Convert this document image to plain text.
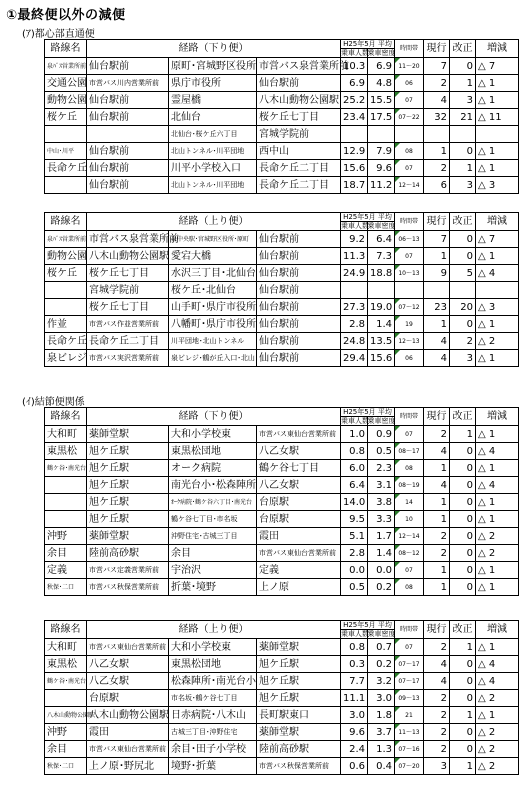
①最終便以外の減便
(ｱ)都心部直通便
(ｲ)結節便関係
路線名	経路（下り便）			H25年5月 平均
乗車人数乗車密度		時間帯	現行	改正	増減
泉ﾊﾞｽ営業所前	仙台駅前	原町･宮城野区役所	市営バス泉営業所前	10.3	6.9	11～20	7	0	△ 7
交通公園	市営バス川内営業所前	県庁市役所	仙台駅前	6.9	4.8	06	2	1	△ 1
動物公園	仙台駅前	霊屋橋	八木山動物公園駅	25.2	15.5	07	4	3	△ 1
桜ケ丘	仙台駅前	北仙台	桜ケ丘七丁目	23.4	17.5	07～22	32	21	△ 11
		北仙台･桜ケ丘六丁目	宮城学院前						
中山･川平	仙台駅前	北山トンネル･川平団地	西中山	12.9	7.9	08	1	0	△ 1
長命ケ丘	仙台駅前	川平小学校入口	長命ケ丘二丁目	15.6	9.6	07	2	1	△ 1
	仙台駅前	北山トンネル･川平団地	長命ケ丘二丁目	18.7	11.2	12～14	6	3	△ 3
路線名	経路（上り便）			H25年5月 平均
乗車人数乗車密度		時間帯	現行	改正	増減
泉ﾊﾞｽ営業所前	市営バス泉営業所前	泉中央駅･宮城野区役所･原町	仙台駅前	9.2	6.4	06～13	7	0	△ 7
動物公園	八木山動物公園駅	愛宕大橋	仙台駅前	11.3	7.3	07	1	0	△ 1
桜ケ丘	桜ケ丘七丁目	水沢三丁目･北仙台	仙台駅前	24.9	18.8	10～13	9	5	△ 4
	宮城学院前	桜ケ丘･北仙台	仙台駅前						
	桜ケ丘七丁目	山手町･県庁市役所	仙台駅前	27.3	19.0	07～12	23	20	△ 3
作並	市営バス作並営業所前	八幡町･県庁市役所	仙台駅前	2.8	1.4	19	1	0	△ 1
長命ケ丘	長命ケ丘二丁目	川平団地･北山トンネル	仙台駅前	24.8	13.5	12～13	4	2	△ 2
泉ビレジ	市営バス実沢営業所前	泉ビレジ･鶴が丘入口･北山	仙台駅前	29.4	15.6	06	4	3	△ 1
路線名	経路（下り便）			H25年5月 平均
乗車人数乗車密度		時間帯	現行	改正	増減
大和町	薬師堂駅	大和小学校東	市営バス東仙台営業所前	1.0	0.9	07	2	1	△ 1
東黒松	旭ケ丘駅	東黒松団地	八乙女駅	0.8	0.5	08～17	4	0	△ 4
鶴ケ谷･南光台	旭ケ丘駅	オーク病院	鶴ケ谷七丁目	6.0	2.3	08	1	0	△ 1
	旭ケ丘駅	南光台小･松森陣所	八乙女駅	6.4	3.1	08～19	4	0	△ 4
	旭ケ丘駅	ｵｰｸ病院･鶴ケ谷六丁目･南光台	台原駅	14.0	3.8	14	1	0	△ 1
	旭ケ丘駅	鶴ケ谷七丁目･市名坂	台原駅	9.5	3.3	10	1	0	△ 1
沖野	薬師堂駅	沖野住宅･古城三丁目	霞田	5.1	1.7	12～14	2	0	△ 2
余目	陸前高砂駅	余目	市営バス東仙台営業所前	2.8	1.4	08～12	2	0	△ 2
定義	市営バス定義営業所前	宇治沢	定義	0.0	0.0	07	1	0	△ 1
秋保･二口	市営バス秋保営業所前	折葉･境野	上ノ原	0.5	0.2	08	1	0	△ 1
路線名	経路（上り便）			H25年5月 平均
乗車人数乗車密度		時間帯	現行	改正	増減
大和町	市営バス東仙台営業所前	大和小学校東	薬師堂駅	0.8	0.7	07	2	1	△ 1
東黒松	八乙女駅	東黒松団地	旭ケ丘駅	0.3	0.2	07～17	4	0	△ 4
鶴ケ谷･南光台	八乙女駅	松森陣所･南光台小	旭ケ丘駅	7.7	3.2	07～17	4	0	△ 4
	台原駅	市名坂･鶴ケ谷七丁目	旭ケ丘駅	11.1	3.0	09～13	2	0	△ 2
八木山動物公園駅	八木山動物公園駅	日赤病院･八木山	長町駅東口	3.0	1.8	21	2	1	△ 1
沖野	霞田	古城三丁目･沖野住宅	薬師堂駅	9.6	3.7	11～13	2	0	△ 2
余目	市営バス東仙台営業所前	余目･田子小学校	陸前高砂駅	2.4	1.3	07～16	2	0	△ 2
秋保･二口	上ノ原･野尻北	境野･折葉	市営バス秋保営業所前	0.6	0.4	07～20	3	1	△ 2
